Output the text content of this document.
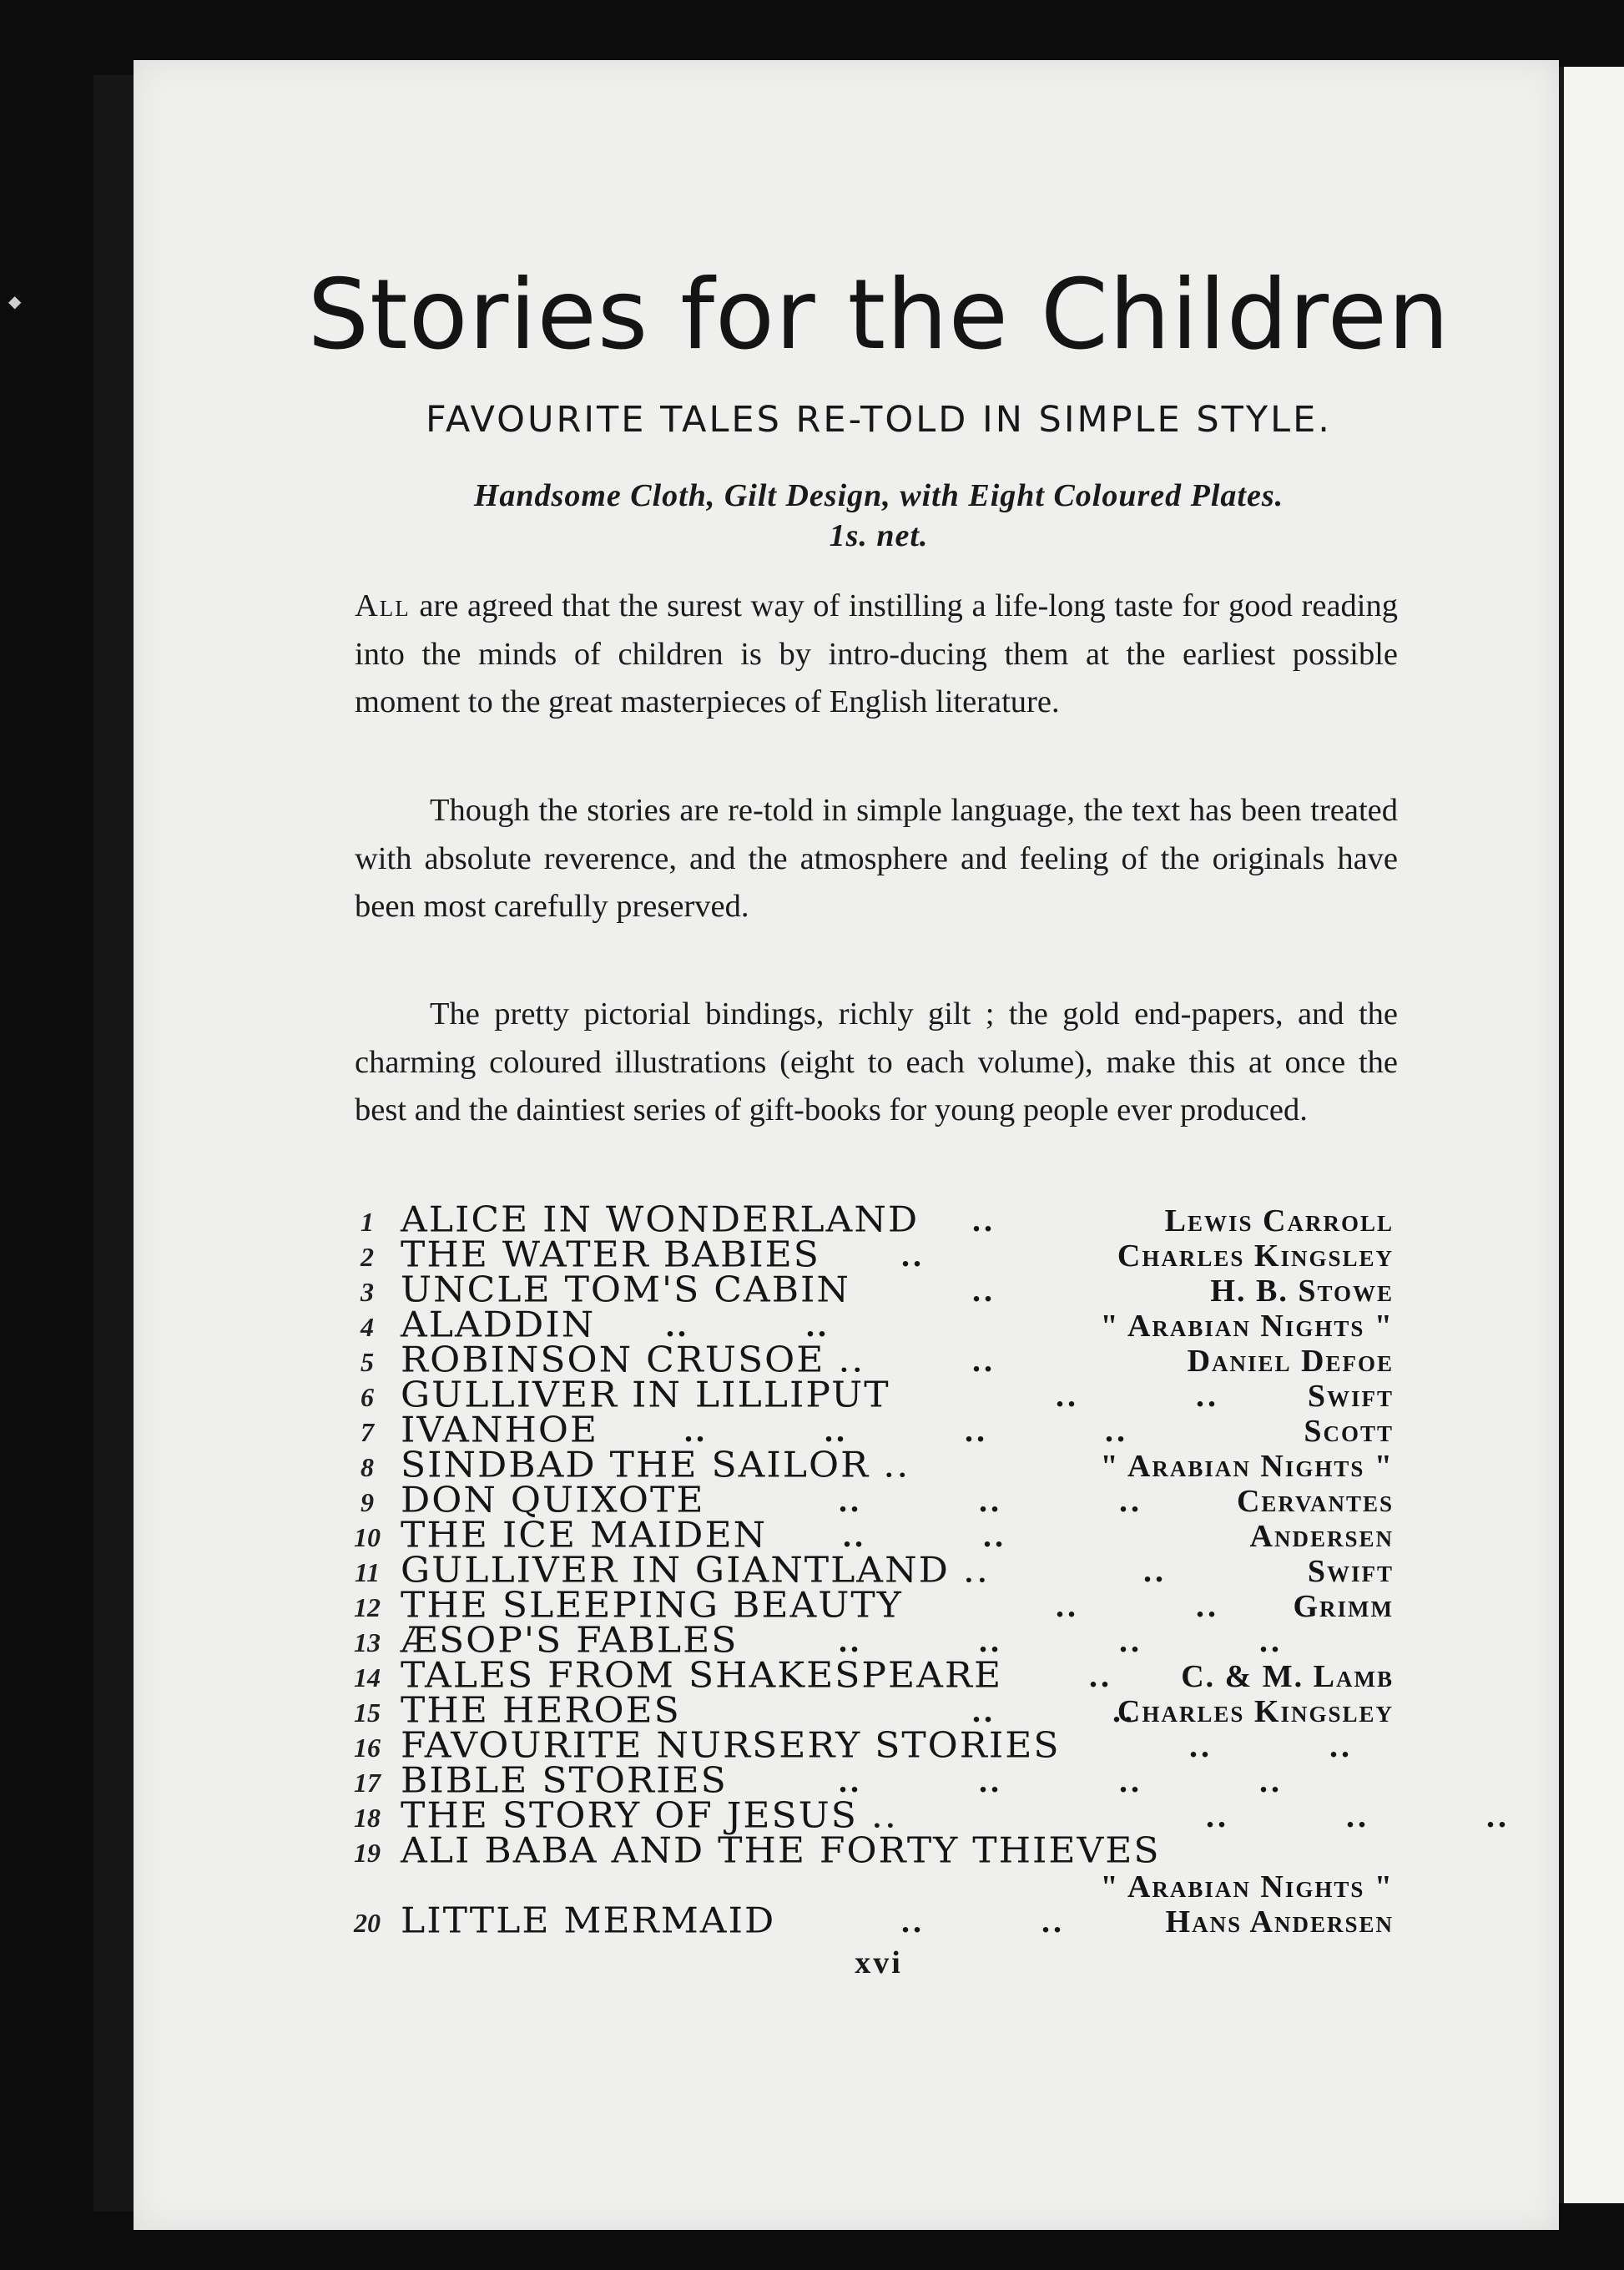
◆	Stories for the Children
FAVOURITE TALES RE-TOLD IN SIMPLE STYLE.
Handsome Cloth, Gilt Design, with Eight Coloured Plates.
1s. net.

All are agreed that the surest way of instilling a life-long taste for good reading into the minds of children is by intro-ducing them at the earliest possible moment to the great masterpieces of English literature.

Though the stories are re-told in simple language, the text has been treated with absolute reverence, and the atmosphere and feeling of the originals have been most carefully preserved.

The pretty pictorial bindings, richly gilt ; the gold end-papers, and the charming coloured illustrations (eight to each volume), make this at once the best and the daintiest series of gift-books for young people ever produced.

1 ALICE IN WONDERLAND ..	Lewis Carroll
2 THE WATER BABIES ..	Charles Kingsley
3 UNCLE TOM'S CABIN	..	H. B. Stowe
4 ALADDIN ..          ..	" Arabian Nights "
5 ROBINSON CRUSOE ..	..	Daniel Defoe
6 GULLIVER IN LILLIPUT	..          ..	Swift
7 IVANHOE	..          ..          ..          ..	Scott
8 SINDBAD THE SAILOR ..	" Arabian Nights "
9 DON QUIXOTE	..          ..          ..	Cervantes
10 THE ICE MAIDEN ..          ..	Andersen
11 GULLIVER IN GIANTLAND ..	..	Swift
12 THE SLEEPING BEAUTY	..          .. Grimm
13 ÆSOP'S FABLES	..          ..          ..          ..
14 TALES FROM SHAKESPEARE	.. C. & M. Lamb
15 THE HEROES	..          ..
Charles Kingsley
16 FAVOURITE NURSERY STORIES	..          ..
17 BIBLE STORIES	..          ..          ..          ..
18 THE STORY OF JESUS ..	..          ..          ..
19 ALI BABA AND THE FORTY THIEVES
" Arabian Nights "
20 LITTLE MERMAID	..          ..	Hans Andersen
xvi
